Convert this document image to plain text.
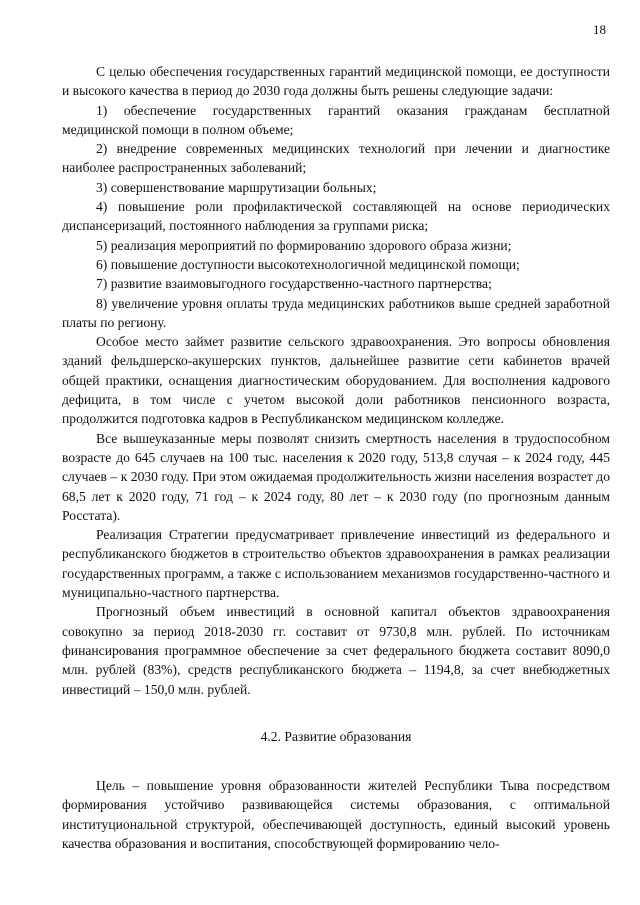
18

С целью обеспечения государственных гарантий медицинской помощи, ее доступности и высокого качества в период до 2030 года должны быть решены следующие задачи:

1) обеспечение государственных гарантий оказания гражданам бесплатной медицинской помощи в полном объеме;

2) внедрение современных медицинских технологий при лечении и диагностике наиболее распространенных заболеваний;

3) совершенствование маршрутизации больных;

4) повышение роли профилактической составляющей на основе периодических диспансеризаций, постоянного наблюдения за группами риска;

5) реализация мероприятий по формированию здорового образа жизни;

6) повышение доступности высокотехнологичной медицинской помощи;

7) развитие взаимовыгодного государственно-частного партнерства;

8) увеличение уровня оплаты труда медицинских работников выше средней заработной платы по региону.

Особое место займет развитие сельского здравоохранения. Это вопросы обновления зданий фельдшерско-акушерских пунктов, дальнейшее развитие сети кабинетов врачей общей практики, оснащения диагностическим оборудованием. Для восполнения кадрового дефицита, в том числе с учетом высокой доли работников пенсионного возраста, продолжится подготовка кадров в Республиканском медицинском колледже.

Все вышеуказанные меры позволят снизить смертность населения в трудоспособном возрасте до 645 случаев на 100 тыс. населения к 2020 году, 513,8 случая – к 2024 году, 445 случаев – к 2030 году. При этом ожидаемая продолжительность жизни населения возрастет до 68,5 лет к 2020 году, 71 год – к 2024 году, 80 лет – к 2030 году (по прогнозным данным Росстата).

Реализация Стратегии предусматривает привлечение инвестиций из федерального и республиканского бюджетов в строительство объектов здравоохранения в рамках реализации государственных программ, а также с использованием механизмов государственно-частного и муниципально-частного партнерства.

Прогнозный объем инвестиций в основной капитал объектов здравоохранения совокупно за период 2018-2030 гг. составит от 9730,8 млн. рублей. По источникам финансирования программное обеспечение за счет федерального бюджета составит 8090,0 млн. рублей (83%), средств республиканского бюджета – 1194,8, за счет внебюджетных инвестиций – 150,0 млн. рублей.

4.2. Развитие образования

Цель – повышение уровня образованности жителей Республики Тыва посредством формирования устойчиво развивающейся системы образования, с оптимальной институциональной структурой, обеспечивающей доступность, единый высокий уровень качества образования и воспитания, способствующей формированию чело-
